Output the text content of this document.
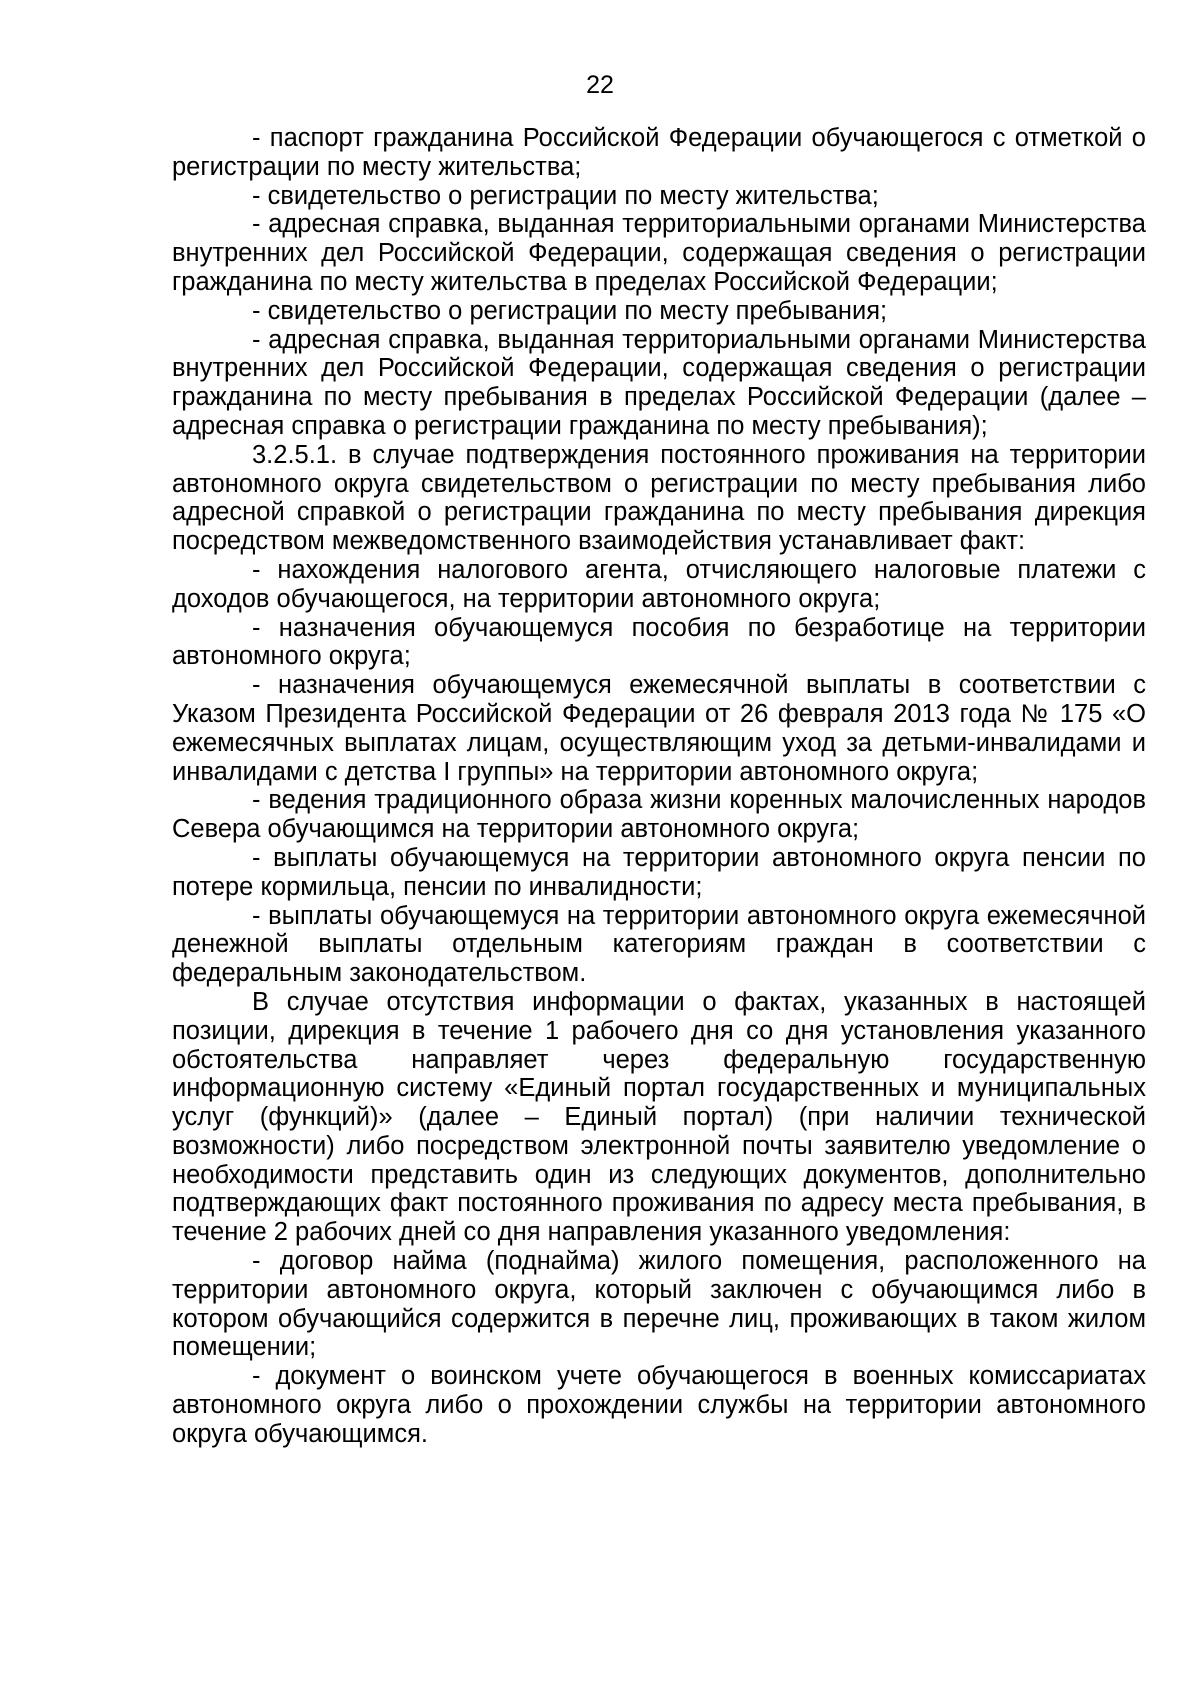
22

- паспорт гражданина Российской Федерации обучающегося с отметкой о регистрации по месту жительства;

- свидетельство о регистрации по месту жительства;

- адресная справка, выданная территориальными органами Министерства внутренних дел Российской Федерации, содержащая сведения о регистрации гражданина по месту жительства в пределах Российской Федерации;

- свидетельство о регистрации по месту пребывания;

- адресная справка, выданная территориальными органами Министерства внутренних дел Российской Федерации, содержащая сведения о регистрации гражданина по месту пребывания в пределах Российской Федерации (далее – адресная справка о регистрации гражданина по месту пребывания);

3.2.5.1. в случае подтверждения постоянного проживания на территории автономного округа свидетельством о регистрации по месту пребывания либо адресной справкой о регистрации гражданина по месту пребывания дирекция посредством межведомственного взаимодействия устанавливает факт:

- нахождения налогового агента, отчисляющего налоговые платежи с доходов обучающегося, на территории автономного округа;

- назначения обучающемуся пособия по безработице на территории автономного округа;

- назначения обучающемуся ежемесячной выплаты в соответствии с Указом Президента Российской Федерации от 26 февраля 2013 года № 175 «О ежемесячных выплатах лицам, осуществляющим уход за детьми-инвалидами и инвалидами с детства I группы» на территории автономного округа;

- ведения традиционного образа жизни коренных малочисленных народов Севера обучающимся на территории автономного округа;

- выплаты обучающемуся на территории автономного округа пенсии по потере кормильца, пенсии по инвалидности;

- выплаты обучающемуся на территории автономного округа ежемесячной денежной выплаты отдельным категориям граждан в соответствии с федеральным законодательством.

В случае отсутствия информации о фактах, указанных в настоящей позиции, дирекция в течение 1 рабочего дня со дня установления указанного обстоятельства направляет через федеральную государственную информационную систему «Единый портал государственных и муниципальных услуг (функций)» (далее – Единый портал) (при наличии технической возможности) либо посредством электронной почты заявителю уведомление о необходимости представить один из следующих документов, дополнительно подтверждающих факт постоянного проживания по адресу места пребывания, в течение 2 рабочих дней со дня направления указанного уведомления:

- договор найма (поднайма) жилого помещения, расположенного на территории автономного округа, который заключен с обучающимся либо в котором обучающийся содержится в перечне лиц, проживающих в таком жилом помещении;

- документ о воинском учете обучающегося в военных комиссариатах автономного округа либо о прохождении службы на территории автономного округа обучающимся.
